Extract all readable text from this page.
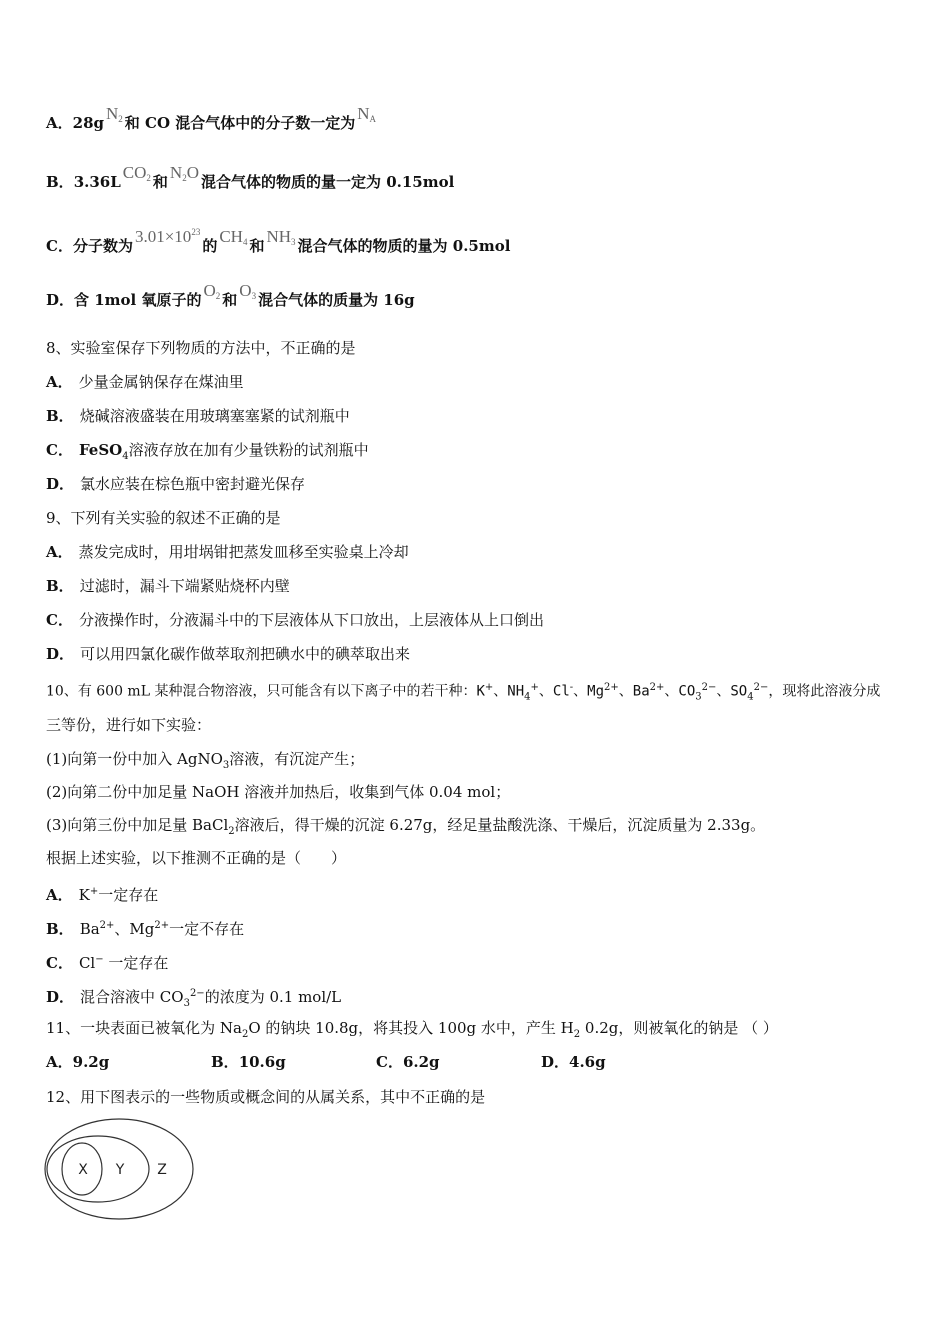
A．28g $N_2$ 和 CO 混合气体中的分子数一定为 $N_A$
B．3.36L $CO_2$ 和 $N_2O$ 混合气体的物质的量一定为 0.15mol
C．分子数为 $3.01\times 10^{23}$的 $CH_4$ 和 $NH_3$ 混合气体的物质的量为 0.5mol
D．含 1mol 氧原子的 $O_2$ 和 $O_3$ 混合气体的质量为 16g
8、实验室保存下列物质的方法中，不正确的是
A． 少量金属钠保存在煤油里
B． 烧碱溶液盛装在用玻璃塞塞紧的试剂瓶中
C． FeSO$_4$溶液存放在加有少量铁粉的试剂瓶中
D． 氯水应装在棕色瓶中密封避光保存
9、下列有关实验的叙述不正确的是
A． 蒸发完成时，用坩埚钳把蒸发皿移至实验桌上冷却
B． 过滤时，漏斗下端紧贴烧杯内壁
C． 分液操作时，分液漏斗中的下层液体从下口放出，上层液体从上口倒出
D． 可以用四氯化碳作做萃取剂把碘水中的碘萃取出来
10、有 600 mL 某种混合物溶液，只可能含有以下离子中的若干种：K+、$NH_4^+$、Cl-、$Mg^{2+}$、$Ba^{2+}$、$CO_3^{2-}$、$SO_4^{2-}$，现将此溶液分成
三等份，进行如下实验：
(1)向第一份中加入 AgNO$_3$溶液，有沉淀产生；
(2)向第二份中加足量 NaOH 溶液并加热后，收集到气体 0.04 mol；
(3)向第三份中加足量 BaCl$_2$溶液后，得干燥的沉淀 6.27g，经足量盐酸洗涤、干燥后，沉淀质量为 2.33g。
根据上述实验，以下推测不正确的是（　　）
A． K+一定存在
B． $Ba^{2+}$、$Mg^{2+}$一定不存在
C． Cl− 一定存在
D． 混合溶液中 $CO_3^{2-}$的浓度为 0.1 mol/L
11、一块表面已被氧化为 $Na_2O$ 的钠块 10.8g，将其投入 100g 水中，产生 $H_2$ 0.2g，则被氧化的钠是 （ ）
A．9.2g	B．10.6g	C．6.2g	D．4.6g
12、用下图表示的一些物质或概念间的从属关系，其中不正确的是
X Y Z
